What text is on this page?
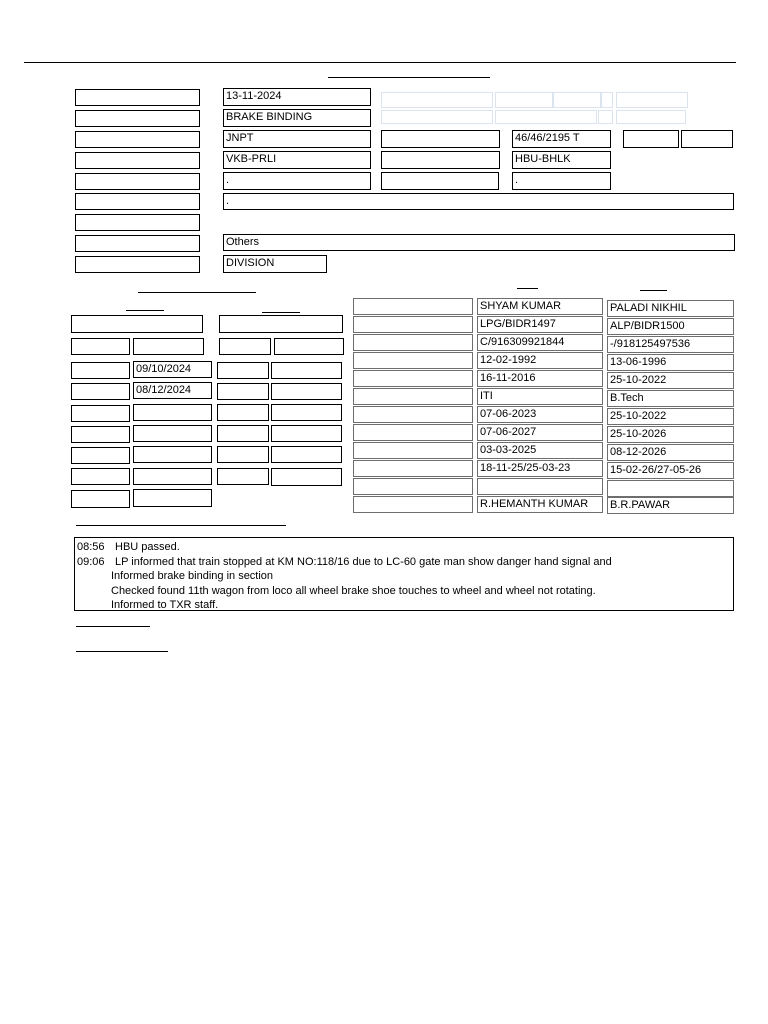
13-11-2024
BRAKE BINDING
JNPT
VKB-PRLI
.
.
Others
DIVISION
46/46/2195 T
HBU-BHLK
.
09/10/2024
08/12/2024
SHYAM KUMAR
LPG/BIDR1497
C/916309921844
12-02-1992
16-11-2016
ITI
07-06-2023
07-06-2027
03-03-2025
18-11-25/25-03-23
R.HEMANTH KUMAR
PALADI NIKHIL
ALP/BIDR1500
-/918125497536
13-06-1996
25-10-2022
B.Tech
25-10-2022
25-10-2026
08-12-2026
15-02-26/27-05-26
B.R.PAWAR
08:56 HBU passed.
09:06 LP informed that train stopped at KM NO:118/16 due to LC-60 gate man show danger hand signal and
Informed brake binding in section
Checked found 11th wagon from loco all wheel brake shoe touches to wheel and wheel not rotating.
Informed to TXR staff.
